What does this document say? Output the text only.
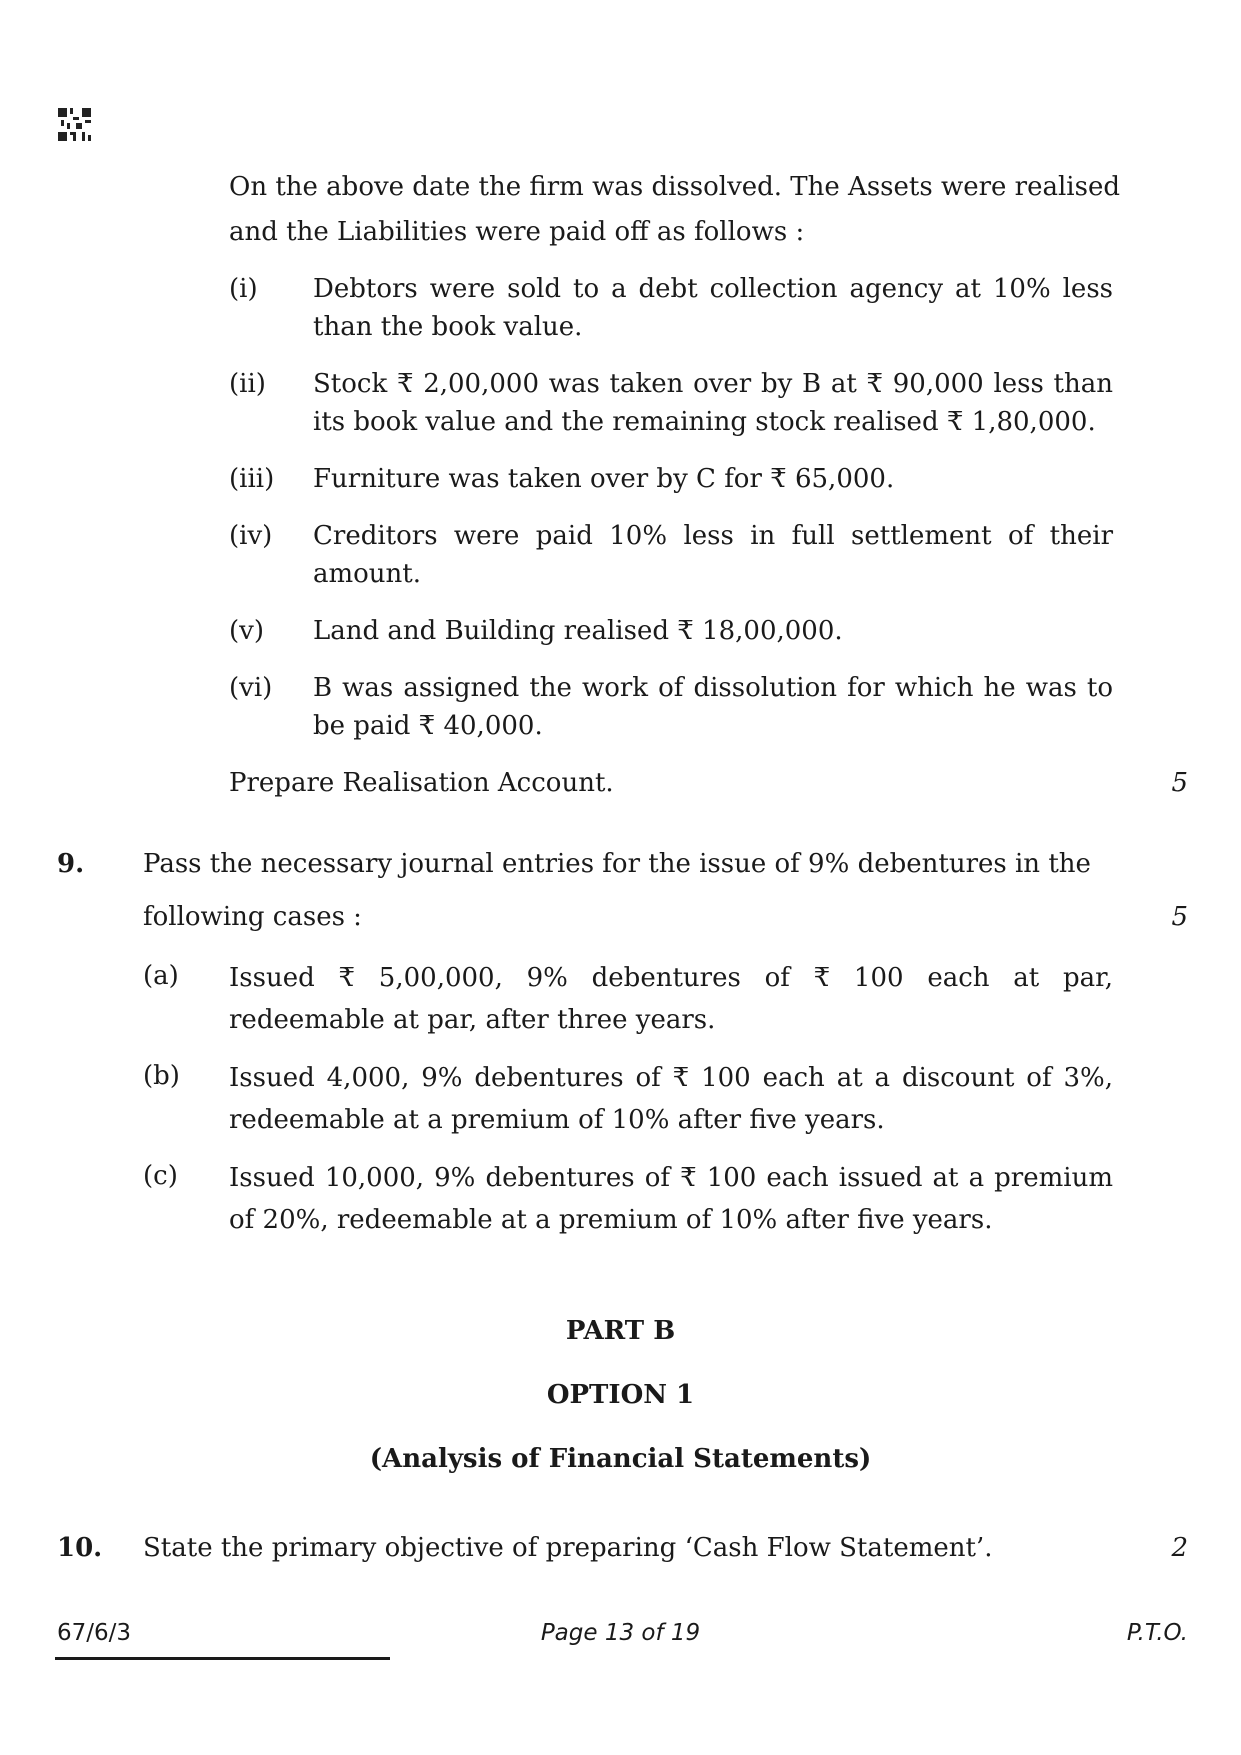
On the above date the firm was dissolved. The Assets were realised
and the Liabilities were paid off as follows :
(i) Debtors were sold to a debt collection agency at 10% less than the book value.
(ii) Stock ₹ 2,00,000 was taken over by B at ₹ 90,000 less than its book value and the remaining stock realised ₹ 1,80,000.
(iii) Furniture was taken over by C for ₹ 65,000.
(iv) Creditors were paid 10% less in full settlement of their amount.
(v) Land and Building realised ₹ 18,00,000.
(vi) B was assigned the work of dissolution for which he was to be paid ₹ 40,000.
Prepare Realisation Account.	5
9. Pass the necessary journal entries for the issue of 9% debentures in the
following cases :	5
(a) Issued ₹ 5,00,000, 9% debentures of ₹ 100 each at par, redeemable at par, after three years.
(b) Issued 4,000, 9% debentures of ₹ 100 each at a discount of 3%, redeemable at a premium of 10% after five years.
(c) Issued 10,000, 9% debentures of ₹ 100 each issued at a premium of 20%, redeemable at a premium of 10% after five years.
PART B
OPTION 1
(Analysis of Financial Statements)
10. State the primary objective of preparing ‘Cash Flow Statement’.	2
67/6/3	Page 13 of 19	P.T.O.
